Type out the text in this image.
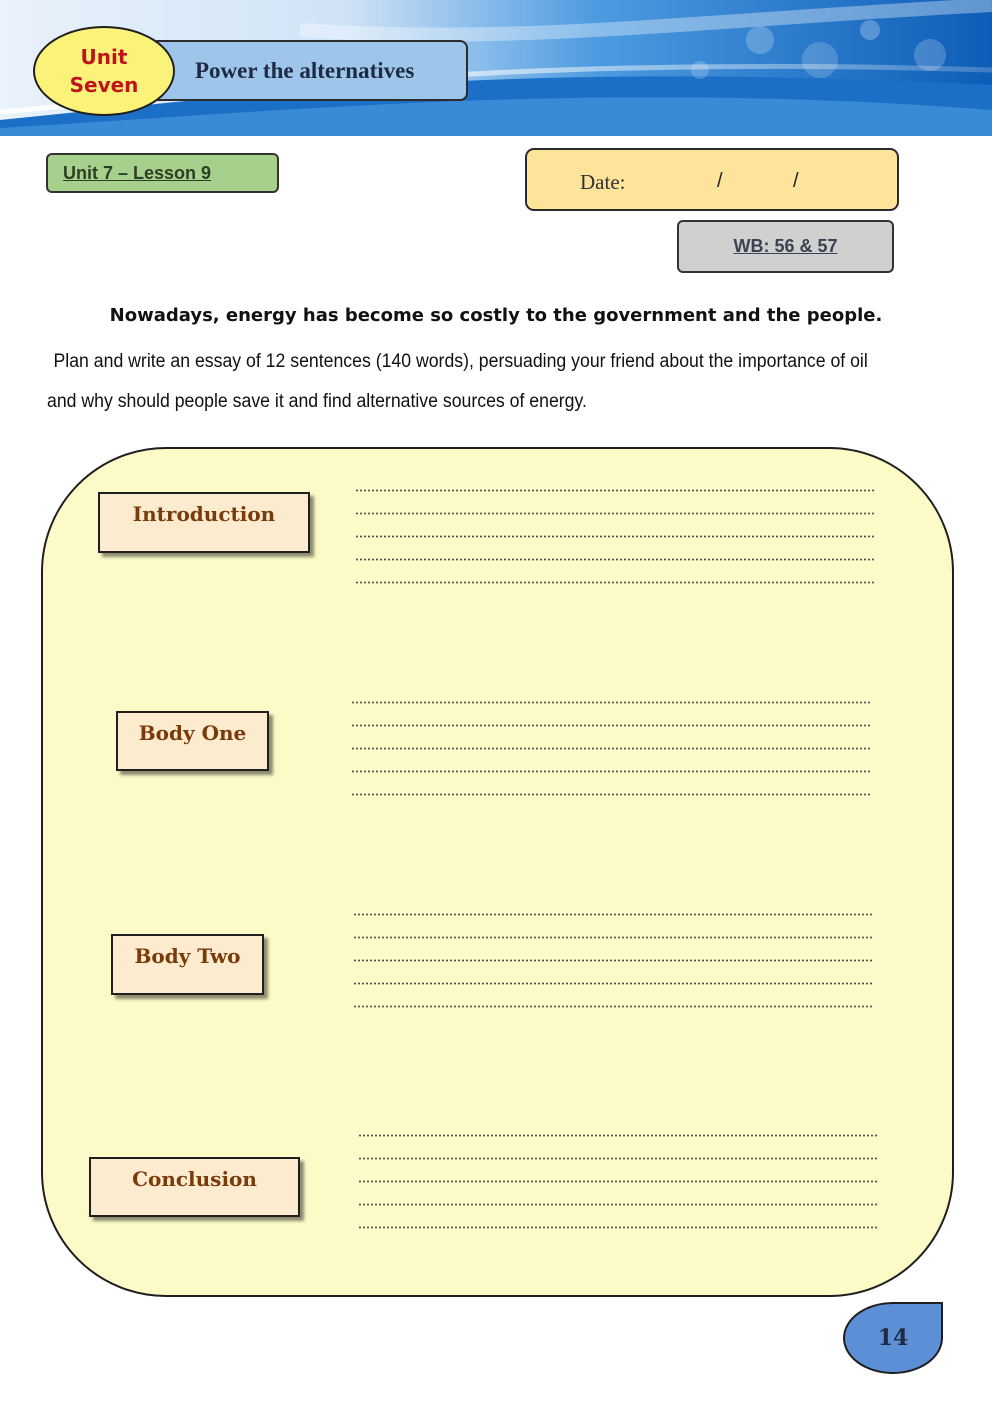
Unit
Seven
Power the alternatives
Unit 7 – Lesson 9	Date:	/	/
WB: 56 & 57
Nowadays, energy has become so costly to the government and the people.
Plan and write an essay of 12 sentences (140 words), persuading your friend about the importance of oil
and why should people save it and find alternative sources of energy.
Introduction
Body One
Body Two
Conclusion
14
